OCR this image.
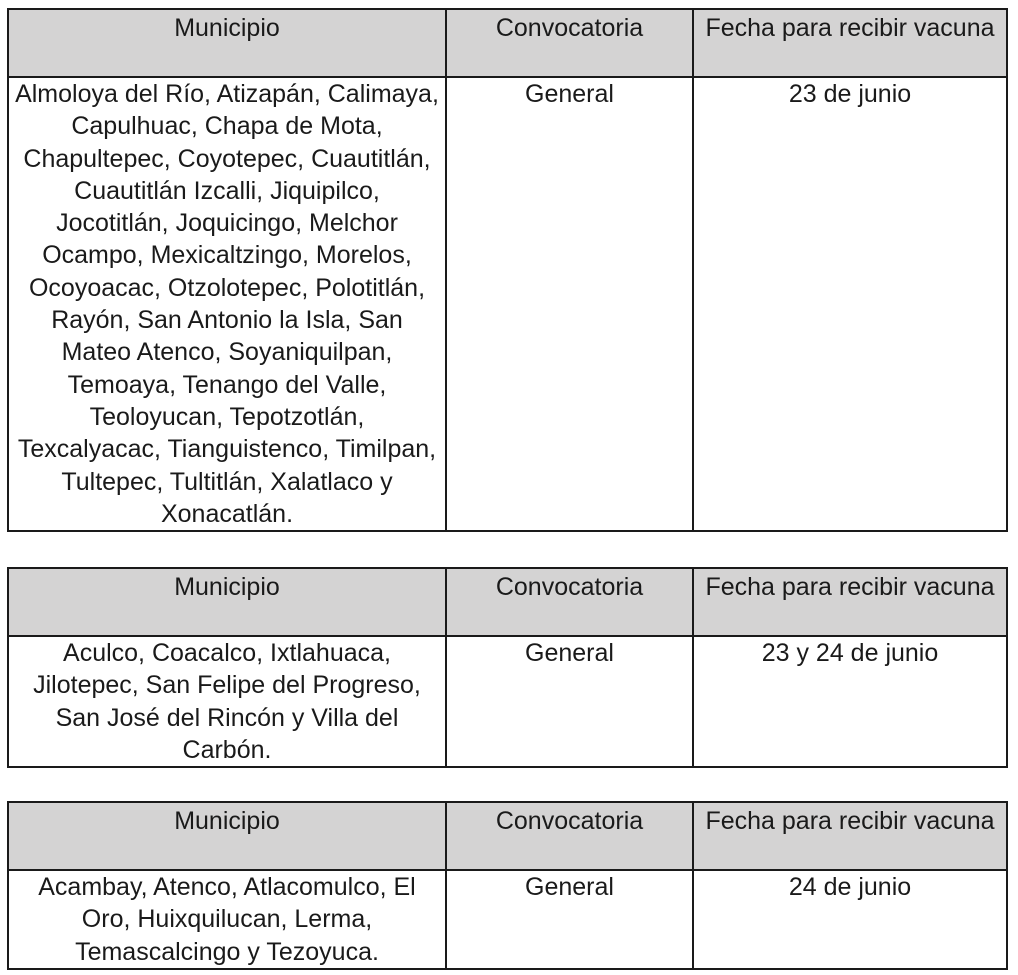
Municipio	Convocatoria	Fecha para recibir vacuna
Almoloya del Río, Atizapán, Calimaya, Capulhuac, Chapa de Mota, Chapultepec, Coyotepec, Cuautitlán, Cuautitlán Izcalli, Jiquipilco, Jocotitlán, Joquicingo, Melchor Ocampo, Mexicaltzingo, Morelos, Ocoyoacac, Otzolotepec, Polotitlán, Rayón, San Antonio la Isla, San Mateo Atenco, Soyaniquilpan, Temoaya, Tenango del Valle, Teoloyucan, Tepotzotlán, Texcalyacac, Tianguistenco, Timilpan, Tultepec, Tultitlán, Xalatlaco y Xonacatlán.	General	23 de junio
Municipio	Convocatoria	Fecha para recibir vacuna
Aculco, Coacalco, Ixtlahuaca, Jilotepec, San Felipe del Progreso, San José del Rincón y Villa del Carbón.	General	23 y 24 de junio
Municipio	Convocatoria	Fecha para recibir vacuna
Acambay, Atenco, Atlacomulco, El Oro, Huixquilucan, Lerma, Temascalcingo y Tezoyuca.	General	24 de junio
